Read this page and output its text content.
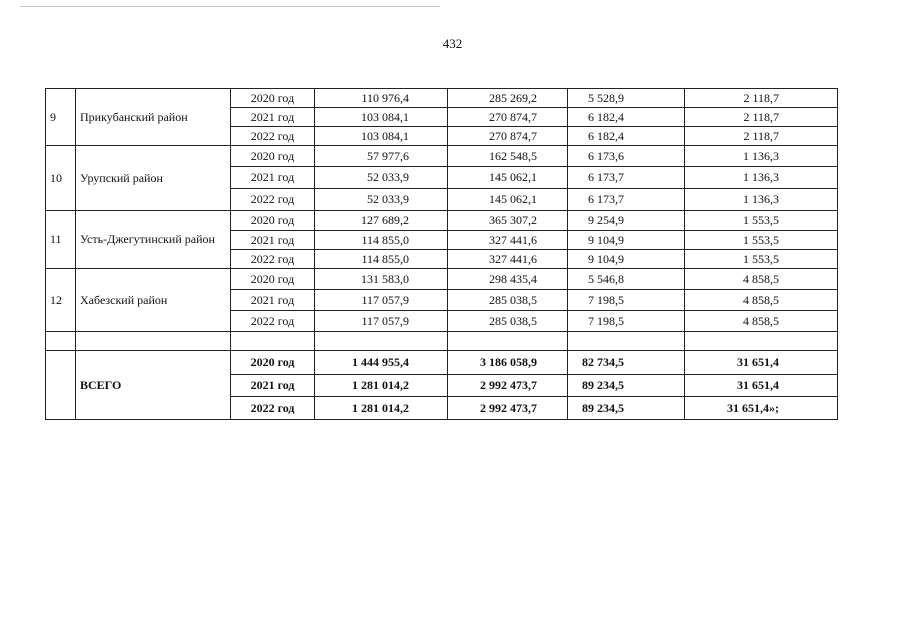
432
9	Прикубанский район	2020 год	110 976,4	285 269,2	5 528,9	2 118,7
		2021 год	103 084,1	270 874,7	6 182,4	2 118,7
		2022 год	103 084,1	270 874,7	6 182,4	2 118,7
10	Урупский район	2020 год	57 977,6	162 548,5	6 173,6	1 136,3
		2021 год	52 033,9	145 062,1	6 173,7	1 136,3
		2022 год	52 033,9	145 062,1	6 173,7	1 136,3
11	Усть-Джегутинский район	2020 год	127 689,2	365 307,2	9 254,9	1 553,5
		2021 год	114 855,0	327 441,6	9 104,9	1 553,5
		2022 год	114 855,0	327 441,6	9 104,9	1 553,5
12	Хабезский район	2020 год	131 583,0	298 435,4	5 546,8	4 858,5
		2021 год	117 057,9	285 038,5	7 198,5	4 858,5
		2022 год	117 057,9	285 038,5	7 198,5	4 858,5

	ВСЕГО	2020 год	1 444 955,4	3 186 058,9	82 734,5	31 651,4
		2021 год	1 281 014,2	2 992 473,7	89 234,5	31 651,4
		2022 год	1 281 014,2	2 992 473,7	89 234,5	31 651,4»;
